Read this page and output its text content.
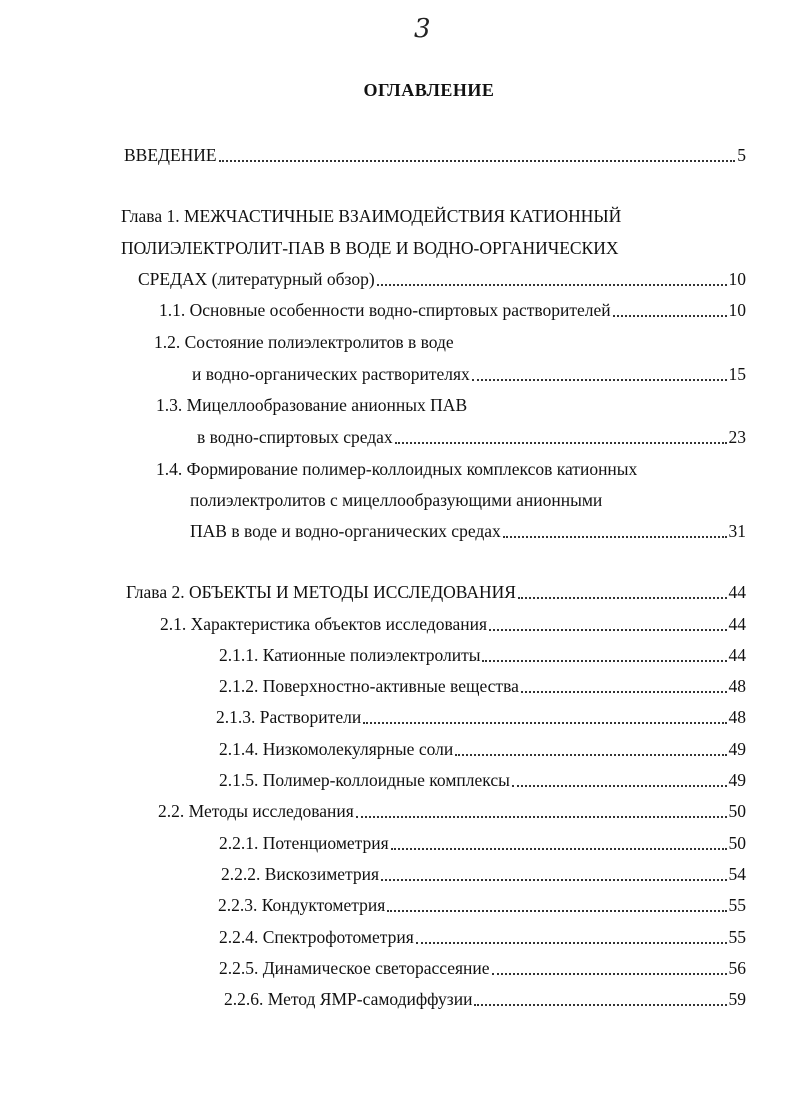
3
ОГЛАВЛЕНИЕ
ВВЕДЕНИЕ	5
Глава 1. МЕЖЧАСТИЧНЫЕ ВЗАИМОДЕЙСТВИЯ КАТИОННЫЙ
ПОЛИЭЛЕКТРОЛИТ-ПАВ В ВОДЕ И ВОДНО-ОРГАНИЧЕСКИХ
СРЕДАХ (литературный обзор)	10
1.1. Основные особенности водно-спиртовых растворителей	10
1.2. Состояние полиэлектролитов в воде
и водно-органических растворителях	15
1.3. Мицеллообразование анионных ПАВ
в водно-спиртовых средах	23
1.4. Формирование полимер-коллоидных комплексов катионных
полиэлектролитов с мицеллообразующими анионными
ПАВ в воде и водно-органических средах	31
Глава 2. ОБЪЕКТЫ И МЕТОДЫ ИССЛЕДОВАНИЯ	44
2.1. Характеристика объектов исследования	44
2.1.1. Катионные полиэлектролиты	44
2.1.2. Поверхностно-активные вещества	48
2.1.3. Растворители	48
2.1.4. Низкомолекулярные соли	49
2.1.5. Полимер-коллоидные комплексы	49
2.2. Методы исследования	50
2.2.1. Потенциометрия	50
2.2.2. Вискозиметрия	54
2.2.3. Кондуктометрия	55
2.2.4. Спектрофотометрия	55
2.2.5. Динамическое светорассеяние	56
2.2.6. Метод ЯМР-самодиффузии	59
